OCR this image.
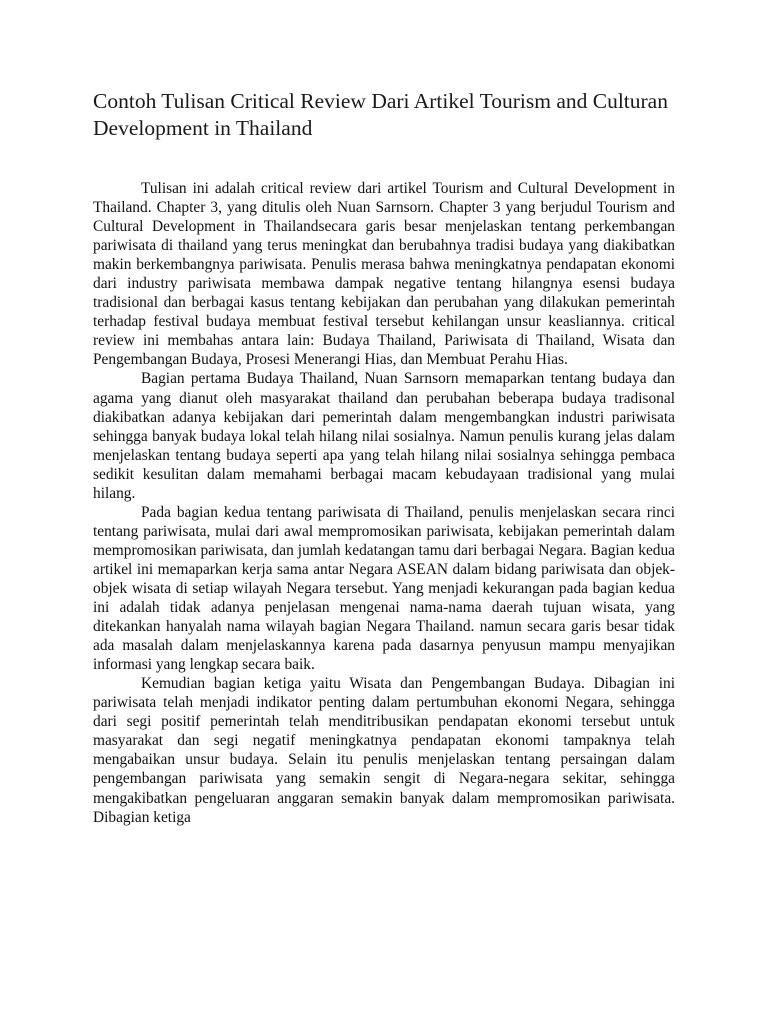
Contoh Tulisan Critical Review Dari Artikel Tourism and Culturan Development in Thailand

Tulisan ini adalah critical review dari artikel Tourism and Cultural Development in Thailand. Chapter 3, yang ditulis oleh Nuan Sarnsorn. Chapter 3 yang berjudul Tourism and Cultural Development in Thailandsecara garis besar menjelaskan tentang perkembangan pariwisata di thailand yang terus meningkat dan berubahnya tradisi budaya yang diakibatkan makin berkembangnya pariwisata. Penulis merasa bahwa meningkatnya pendapatan ekonomi dari industry pariwisata membawa dampak negative tentang hilangnya esensi budaya tradisional dan berbagai kasus tentang kebijakan dan perubahan yang dilakukan pemerintah terhadap festival budaya membuat festival tersebut kehilangan unsur keasliannya. critical review ini membahas antara lain: Budaya Thailand, Pariwisata di Thailand, Wisata dan Pengembangan Budaya, Prosesi Menerangi Hias, dan Membuat Perahu Hias.

Bagian pertama Budaya Thailand, Nuan Sarnsorn memaparkan tentang budaya dan agama yang dianut oleh masyarakat thailand dan perubahan beberapa budaya tradisonal diakibatkan adanya kebijakan dari pemerintah dalam mengembangkan industri pariwisata sehingga banyak budaya lokal telah hilang nilai sosialnya. Namun penulis kurang jelas dalam menjelaskan tentang budaya seperti apa yang telah hilang nilai sosialnya sehingga pembaca sedikit kesulitan dalam memahami berbagai macam kebudayaan tradisional yang mulai hilang.

Pada bagian kedua tentang pariwisata di Thailand, penulis menjelaskan secara rinci tentang pariwisata, mulai dari awal mempromosikan pariwisata, kebijakan pemerintah dalam mempromosikan pariwisata, dan jumlah kedatangan tamu dari berbagai Negara. Bagian kedua artikel ini memaparkan kerja sama antar Negara ASEAN dalam bidang pariwisata dan objek-objek wisata di setiap wilayah Negara tersebut. Yang menjadi kekurangan pada bagian kedua ini adalah tidak adanya penjelasan mengenai nama-nama daerah tujuan wisata, yang ditekankan hanyalah nama wilayah bagian Negara Thailand. namun secara garis besar tidak ada masalah dalam menjelaskannya karena pada dasarnya penyusun mampu menyajikan informasi yang lengkap secara baik.

Kemudian bagian ketiga yaitu Wisata dan Pengembangan Budaya. Dibagian ini pariwisata telah menjadi indikator penting dalam pertumbuhan ekonomi Negara, sehingga dari segi positif pemerintah telah menditribusikan pendapatan ekonomi tersebut untuk masyarakat dan segi negatif meningkatnya pendapatan ekonomi tampaknya telah mengabaikan unsur budaya. Selain itu penulis menjelaskan tentang persaingan dalam pengembangan pariwisata yang semakin sengit di Negara-negara sekitar, sehingga mengakibatkan pengeluaran anggaran semakin banyak dalam mempromosikan pariwisata. Dibagian ketiga
